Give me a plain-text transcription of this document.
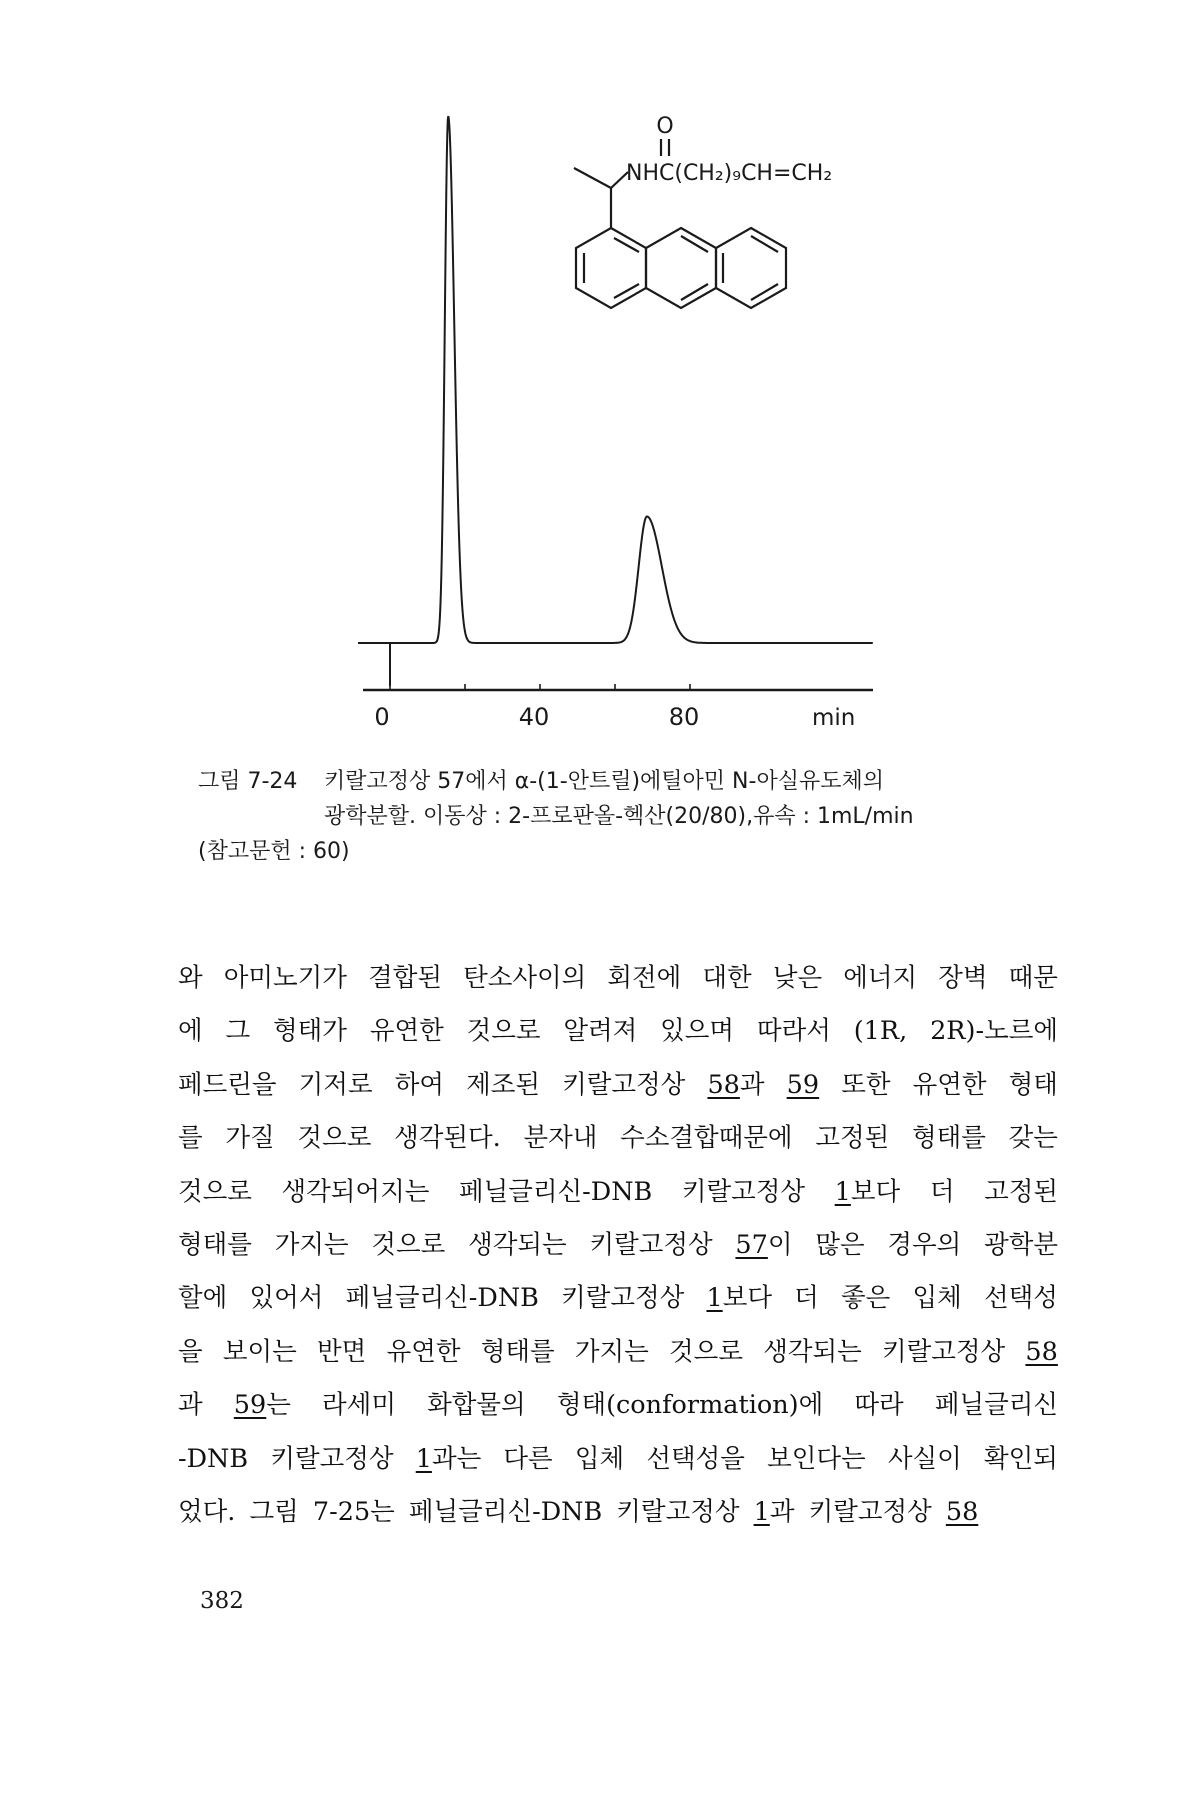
O
NHC(CH₂)₉CH=CH₂
0	40	80	min
그림 7-24	키랄고정상 57에서 α-(1-안트릴)에틸아민 N-아실유도체의
광학분할. 이동상 : 2-프로판올-헥산(20/80),유속 : 1mL/min
(참고문헌 : 60)
와 아미노기가 결합된 탄소사이의 회전에 대한 낮은 에너지 장벽 때문
에 그 형태가 유연한 것으로 알려져 있으며 따라서 (1R, 2R)-노르에
페드린을 기저로 하여 제조된 키랄고정상 58과 59 또한 유연한 형태
를 가질 것으로 생각된다. 분자내 수소결합때문에 고정된 형태를 갖는
것으로 생각되어지는 페닐글리신-DNB 키랄고정상 1보다 더 고정된
형태를 가지는 것으로 생각되는 키랄고정상 57이 많은 경우의 광학분
할에 있어서 페닐글리신-DNB 키랄고정상 1보다 더 좋은 입체 선택성
을 보이는 반면 유연한 형태를 가지는 것으로 생각되는 키랄고정상 58
과 59는 라세미 화합물의 형태(conformation)에 따라 페닐글리신
-DNB 키랄고정상 1과는 다른 입체 선택성을 보인다는 사실이 확인되
었다.
그림
7-25는
페닐글리신-DNB
키랄고정상
1과
키랄고정상
58
382
